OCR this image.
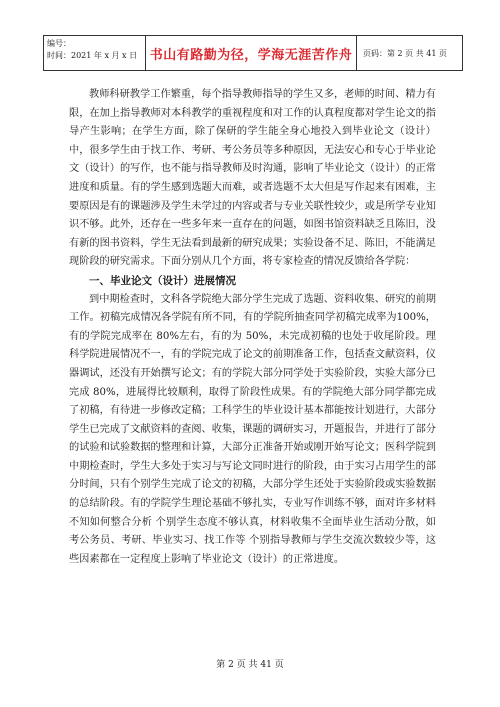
编号：
时间：2021 年 x 月 x 日 书山有路勤为径，学海无涯苦作舟	页码：第 2 页 共 41 页

教师科研教学工作繁重，每个指导教师指导的学生又多，老师的时间、精力有限，在加上指导教师对本科教学的重视程度和对工作的认真程度都对学生论文的指导产生影响；在学生方面，除了保研的学生能全身心地投入到毕业论文（设计）中，很多学生由于找工作、考研、考公务员等多种原因，无法安心和专心于毕业论文（设计）的写作，也不能与指导教师及时沟通，影响了毕业论文（设计）的正常进度和质量。有的学生感到选题大而难，或者选题不太大但是写作起来有困难，主要原因是有的课题涉及学生未学过的内容或者与专业关联性较少，或是所学专业知识不够。此外，还存在一些多年来一直存在的问题，如图书馆资料缺乏且陈旧，没有新的图书资料，学生无法看到最新的研究成果；实验设备不足、陈旧，不能满足现阶段的研究需求。下面分别从几个方面，将专家检查的情况反馈给各学院：

一、毕业论文（设计）进展情况

到中期检查时，文科各学院绝大部分学生完成了选题、资料收集、研究的前期工作。初稿完成情况各学院有所不同，有的学院所抽查同学初稿完成率为100%，有的学院完成率在 80%左右，有的为 50%，未完成初稿的也处于收尾阶段。理科学院进展情况不一，有的学院完成了论文的前期准备工作，包括查文献资料，仪器调试，还没有开始撰写论文；有的学院大部分同学处于实验阶段，实验大部分已完成 80%，进展得比较顺利，取得了阶段性成果。有的学院绝大部分同学都完成了初稿，有待进一步修改定稿；工科学生的毕业设计基本都能按计划进行，大部分学生已完成了文献资料的查阅、收集，课题的调研实习，开题报告，并进行了部分的试验和试验数据的整理和计算，大部分正准备开始或刚开始写论文；医科学院到中期检查时，学生大多处于实习与写论文同时进行的阶段，由于实习占用学生的部分时间，只有个别学生完成了论文的初稿，大部分学生还处于实验阶段或实验数据的总结阶段。有的学院学生理论基础不够扎实，专业写作训练不够，面对许多材料不知如何整合分析 个别学生态度不够认真，材料收集不全面毕业生活动分散，如考公务员、考研、毕业实习、找工作等 个别指导教师与学生交流次数较少等，这些因素都在一定程度上影响了毕业论文（设计）的正常进度。

第 2 页 共 41 页
